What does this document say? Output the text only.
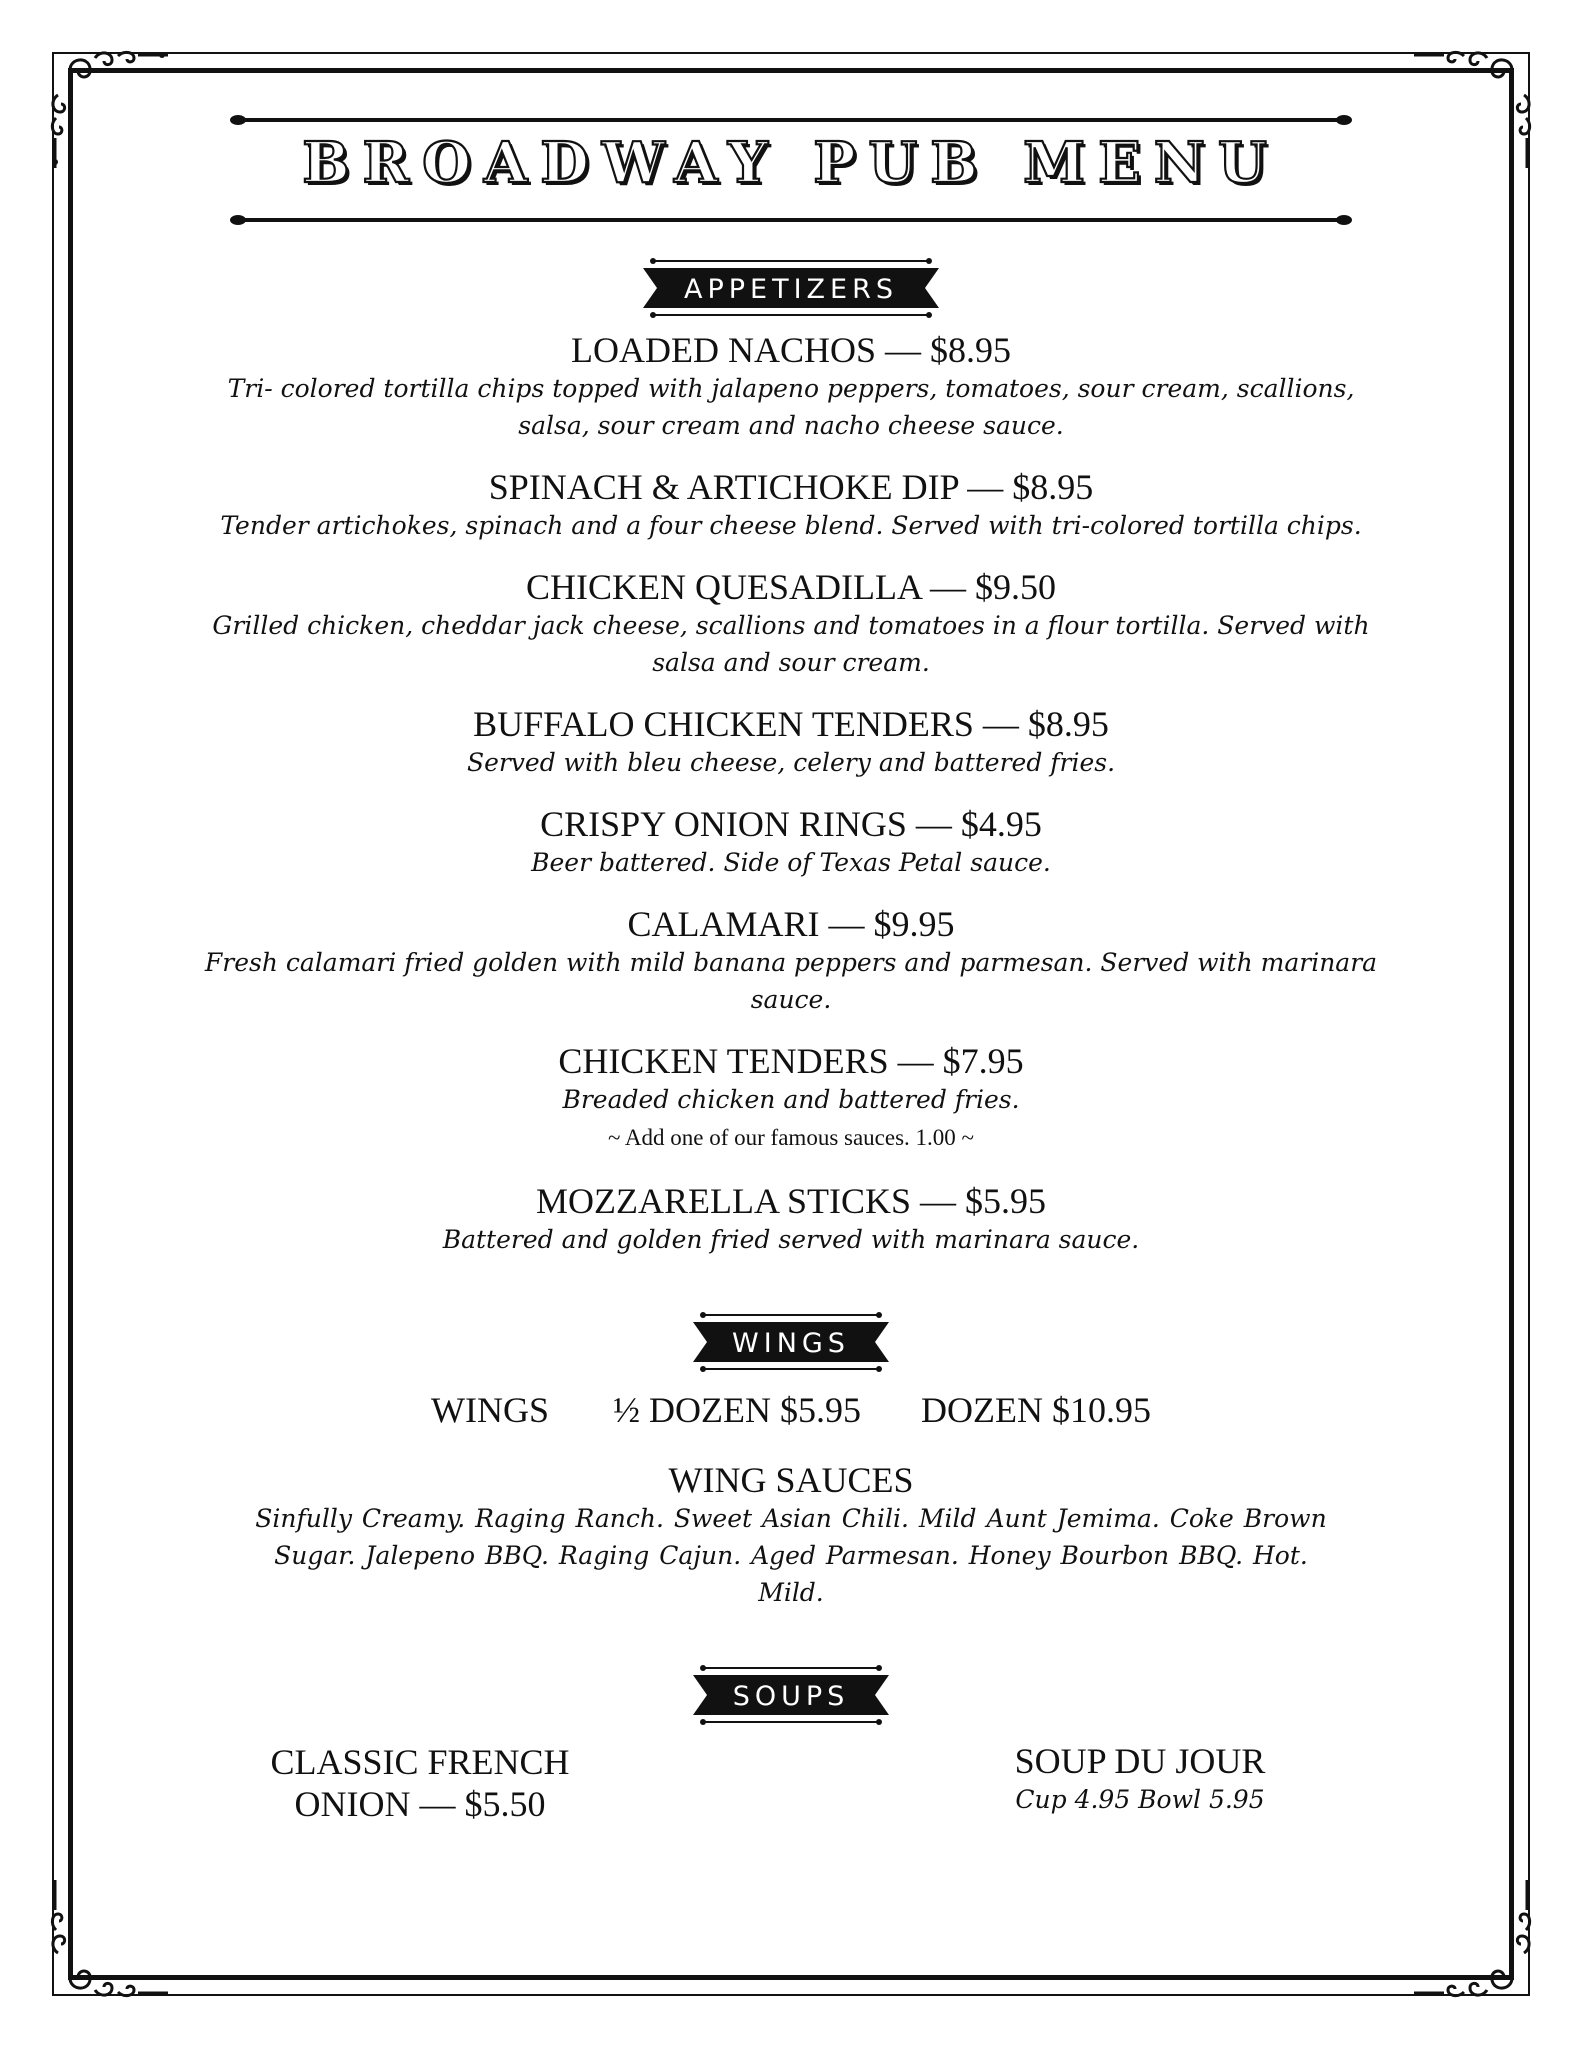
BROADWAY PUB MENU
APPETIZERS
LOADED NACHOS — $8.95
Tri- colored tortilla chips topped with jalapeno peppers, tomatoes, sour cream, scallions, salsa, sour cream and nacho cheese sauce.
SPINACH & ARTICHOKE DIP — $8.95
Tender artichokes, spinach and a four cheese blend. Served with tri-colored tortilla chips.
CHICKEN QUESADILLA — $9.50
Grilled chicken, cheddar jack cheese, scallions and tomatoes in a flour tortilla. Served with salsa and sour cream.
BUFFALO CHICKEN TENDERS — $8.95
Served with bleu cheese, celery and battered fries.
CRISPY ONION RINGS — $4.95
Beer battered. Side of Texas Petal sauce.
CALAMARI — $9.95
Fresh calamari fried golden with mild banana peppers and parmesan. Served with marinara sauce.
CHICKEN TENDERS — $7.95
Breaded chicken and battered fries.
~ Add one of our famous sauces. 1.00 ~
MOZZARELLA STICKS — $5.95
Battered and golden fried served with marinara sauce.
WINGS
WINGS ½ DOZEN $5.95 DOZEN $10.95
WING SAUCES
Sinfully Creamy. Raging Ranch. Sweet Asian Chili. Mild Aunt Jemima. Coke Brown Sugar. Jalepeno BBQ. Raging Cajun. Aged Parmesan. Honey Bourbon BBQ. Hot. Mild.
SOUPS
CLASSIC FRENCH ONION — $5.50
SOUP DU JOUR
Cup 4.95 Bowl 5.95
